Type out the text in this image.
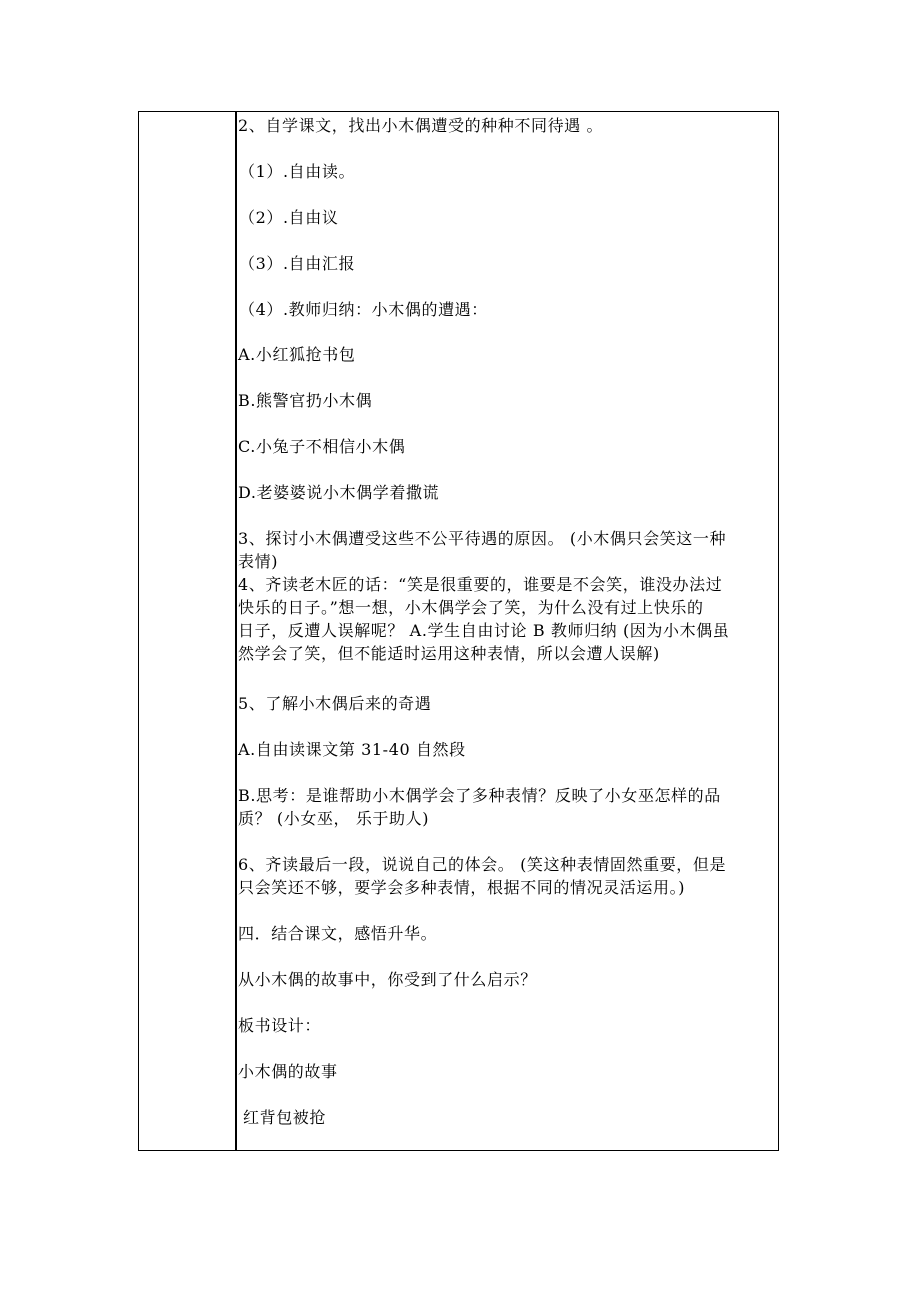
2、自学课文，找出小木偶遭受的种种不同待遇 。
（1）.自由读。
（2）.自由议
（3）.自由汇报
（4）.教师归纳：小木偶的遭遇：
A.小红狐抢书包
B.熊警官扔小木偶
C.小兔子不相信小木偶
D.老婆婆说小木偶学着撒谎
3、探讨小木偶遭受这些不公平待遇的原因。 (小木偶只会笑这一种
表情)
4、齐读老木匠的话：“笑是很重要的，谁要是不会笑，谁没办法过
快乐的日子。”想一想，小木偶学会了笑，为什么没有过上快乐的
日子，反遭人误解呢？ A.学生自由讨论 B 教师归纳 (因为小木偶虽
然学会了笑，但不能适时运用这种表情，所以会遭人误解)
5、了解小木偶后来的奇遇
A.自由读课文第 31-40 自然段
B.思考：是谁帮助小木偶学会了多种表情？反映了小女巫怎样的品
质？ (小女巫， 乐于助人)
6、齐读最后一段，说说自己的体会。 (笑这种表情固然重要，但是
只会笑还不够，要学会多种表情，根据不同的情况灵活运用。)
四．结合课文，感悟升华。
从小木偶的故事中，你受到了什么启示？
板书设计：
小木偶的故事
红背包被抢
